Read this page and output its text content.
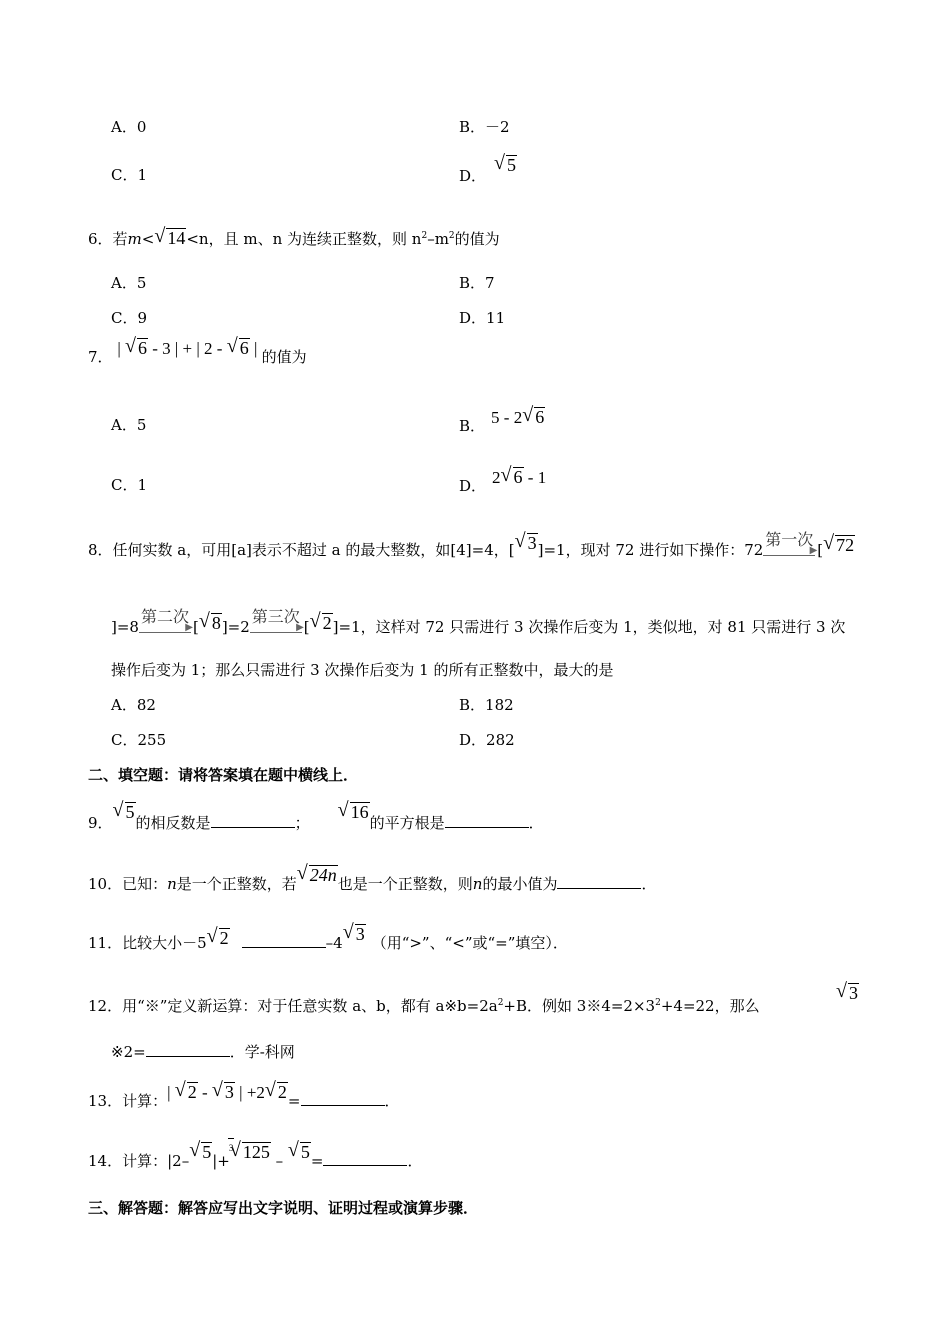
A．0	B．－2
C．1	D．√ 5
6．若m< √ 14<n，且 m、n 为连续正整数，则 $n^2-m^2$的值为
A．5	B．7
C．9	D．11
7． | √ 6 - 3 | + | 2 - √ 6 | 的值为
A．5	B． 5 - 2 √ 6
C．1	D． 2 √ 6 - 1
8．任何实数 a，可用[a]表示不超过 a 的最大整数，如[4]=4，[ √ 3]=1，现对 72 进行如下操作：72
第一次
▶ [ √ 72
]=8
第二次
▶ [ √ 8]=2
第三次
▶ [ √ 2]=1，这样对 72 只需进行 3 次操作后变为 1，类似地，对 81 只需进行 3 次
操作后变为 1；那么只需进行 3 次操作后变为 1 的所有正整数中，最大的是
A．82	B．182
C．255	D．282
二、填空题：请将答案填在题中横线上．
9．√ 5的相反数是	；√ 16的平方根是	．
10．已知：n是一个正整数，若 √ 24n也是一个正整数，则n的最小值为	．
11．比较大小－5 √ 2	–4 √ 3 （用“>”、“<”或“=”填空）．
12．用“※”定义新运算：对于任意实数 a、b，都有 $a※b=2a^2+B$．例如 $3※4=2\times 3^2+4=22$，那么
√ 3
※2=	．学-科网
13．计算：| √ 2 - √ 3 | +2 √ 2=	．
14．计算：|2– √ 5|+
√ 3 125 – √ 5=	．
三、解答题：解答应写出文字说明、证明过程或演算步骤．
